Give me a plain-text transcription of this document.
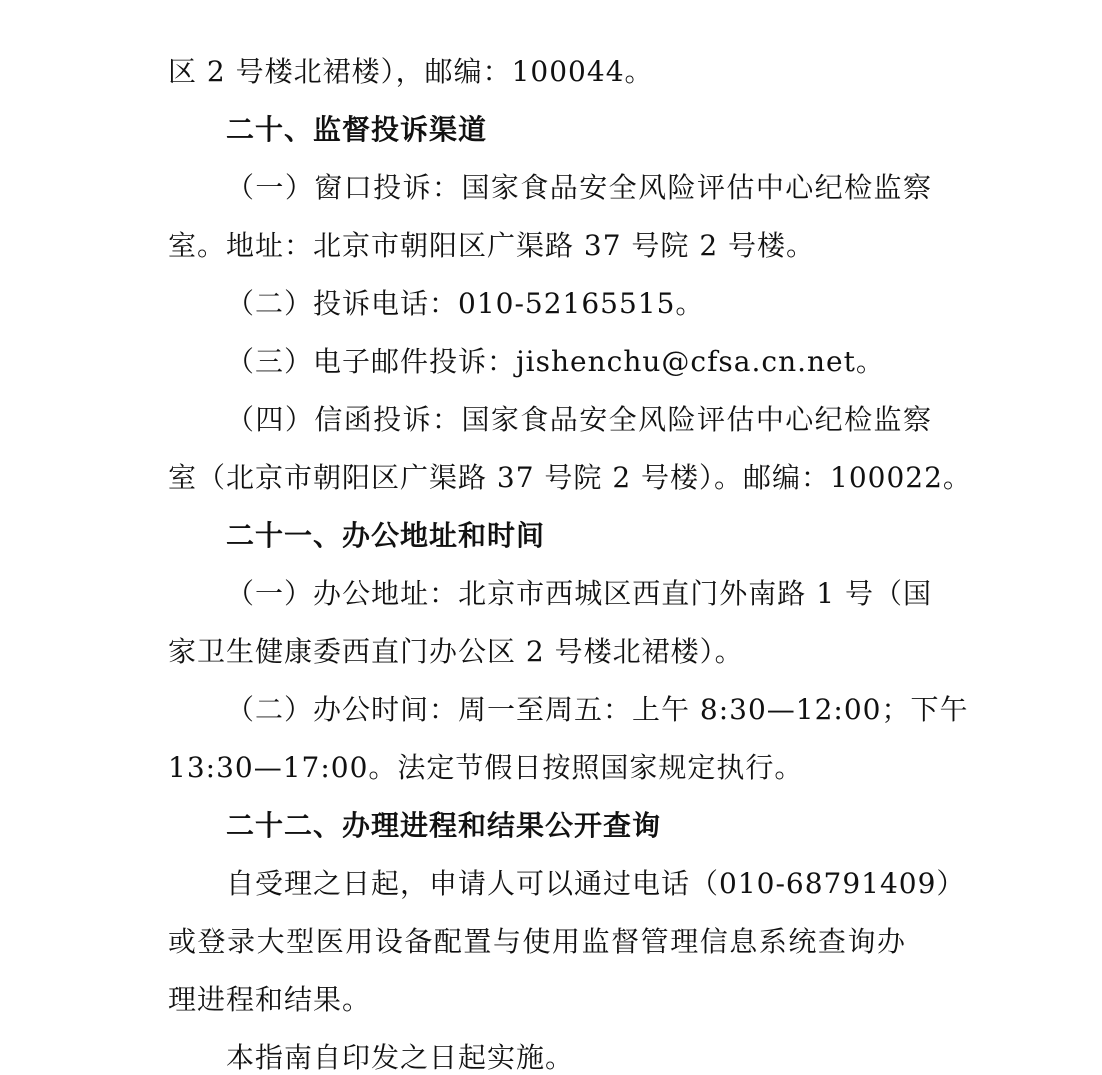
区 2 号楼北裙楼），邮编：100044。
二十、监督投诉渠道
（一）窗口投诉：国家食品安全风险评估中心纪检监察
室。地址：北京市朝阳区广渠路 37 号院 2 号楼。
（二）投诉电话：010-52165515。
（三）电子邮件投诉：jishenchu@cfsa.cn.net。
（四）信函投诉：国家食品安全风险评估中心纪检监察
室（北京市朝阳区广渠路 37 号院 2 号楼）。邮编：100022。
二十一、办公地址和时间
（一）办公地址：北京市西城区西直门外南路 1 号（国
家卫生健康委西直门办公区 2 号楼北裙楼）。
（二）办公时间：周一至周五：上午 8:30—12:00；下午
13:30—17:00。法定节假日按照国家规定执行。
二十二、办理进程和结果公开查询
自受理之日起，申请人可以通过电话（010-68791409）
或登录大型医用设备配置与使用监督管理信息系统查询办
理进程和结果。
本指南自印发之日起实施。
